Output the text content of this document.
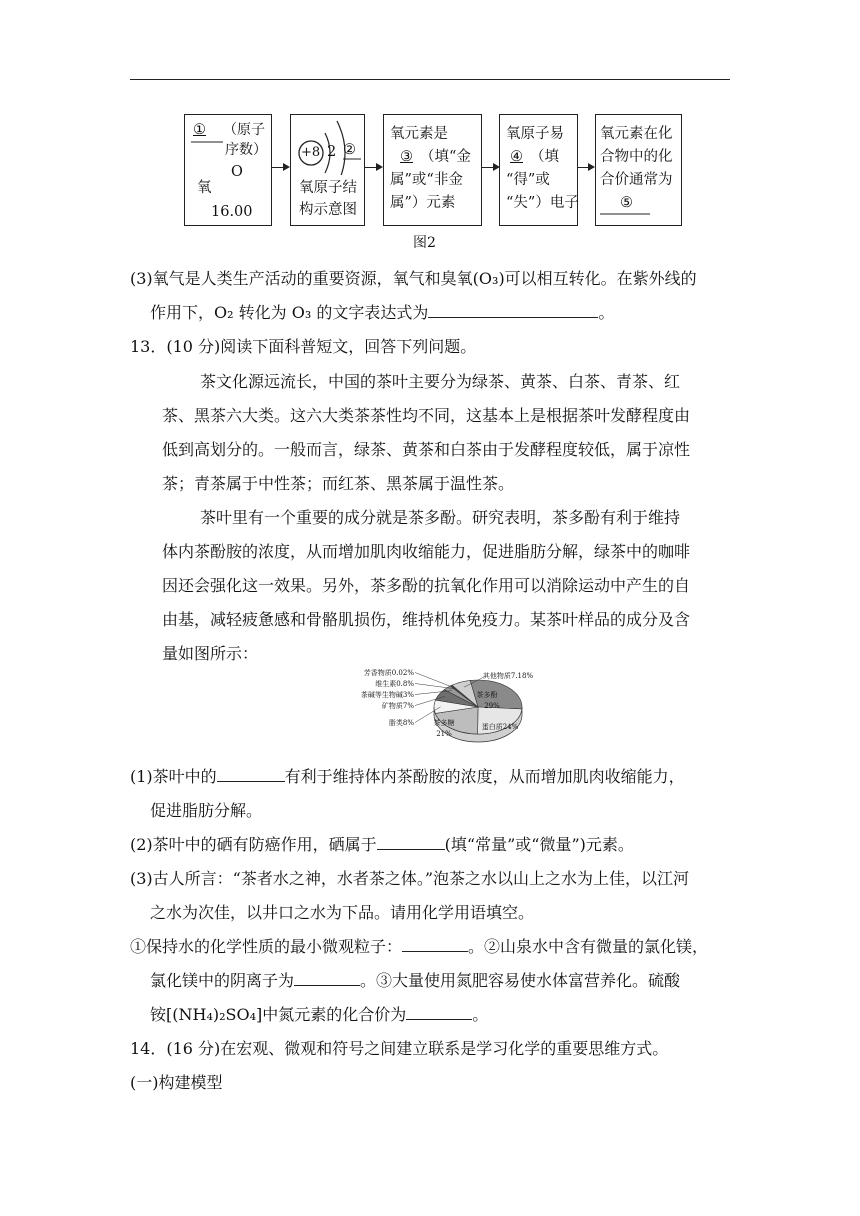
① （原子
序数）
O
氧
16.00
+8 2 ②
氧原子结
构示意图
氧元素是
③ （填“金
属”或“非金
属”）元素
氧原子易
④ （填
“得”或
“失”）电子
氧元素在化
合物中的化
合价通常为
⑤
图2
(3)氧气是人类生产活动的重要资源，氧气和臭氧(O₃)可以相互转化。在紫外线的
作用下，O₂ 转化为 O₃ 的文字表达式为	。
13．(10 分)阅读下面科普短文，回答下列问题。
茶文化源远流长，中国的茶叶主要分为绿茶、黄茶、白茶、青茶、红
茶、黑茶六大类。这六大类茶茶性均不同，这基本上是根据茶叶发酵程度由
低到高划分的。一般而言，绿茶、黄茶和白茶由于发酵程度较低，属于凉性
茶；青茶属于中性茶；而红茶、黑茶属于温性茶。
茶叶里有一个重要的成分就是茶多酚。研究表明，茶多酚有利于维持
体内茶酚胺的浓度，从而增加肌肉收缩能力，促进脂肪分解，绿茶中的咖啡
因还会强化这一效果。另外，茶多酚的抗氧化作用可以消除运动中产生的自
由基，减轻疲惫感和骨骼肌损伤，维持机体免疫力。某茶叶样品的成分及含
量如图所示：
茶多酚
29%
蛋白质24%
茶多糖
21%
芳香物质0.02%
维生素0.8%
茶碱等生物碱3%
矿物质7%
脂类8%
其他物质7.18%
(1)茶叶中的	有利于维持体内茶酚胺的浓度，从而增加肌肉收缩能力，
促进脂肪分解。
(2)茶叶中的硒有防癌作用，硒属于	(填“常量”或“微量”)元素。
(3)古人所言：“茶者水之神，水者茶之体。”泡茶之水以山上之水为上佳，以江河
之水为次佳，以井口之水为下品。请用化学用语填空。
①保持水的化学性质的最小微观粒子：	。②山泉水中含有微量的氯化镁，
氯化镁中的阴离子为	。③大量使用氮肥容易使水体富营养化。硫酸
铵[(NH₄)₂SO₄]中氮元素的化合价为	。
14．(16 分)在宏观、微观和符号之间建立联系是学习化学的重要思维方式。
(一)构建模型
